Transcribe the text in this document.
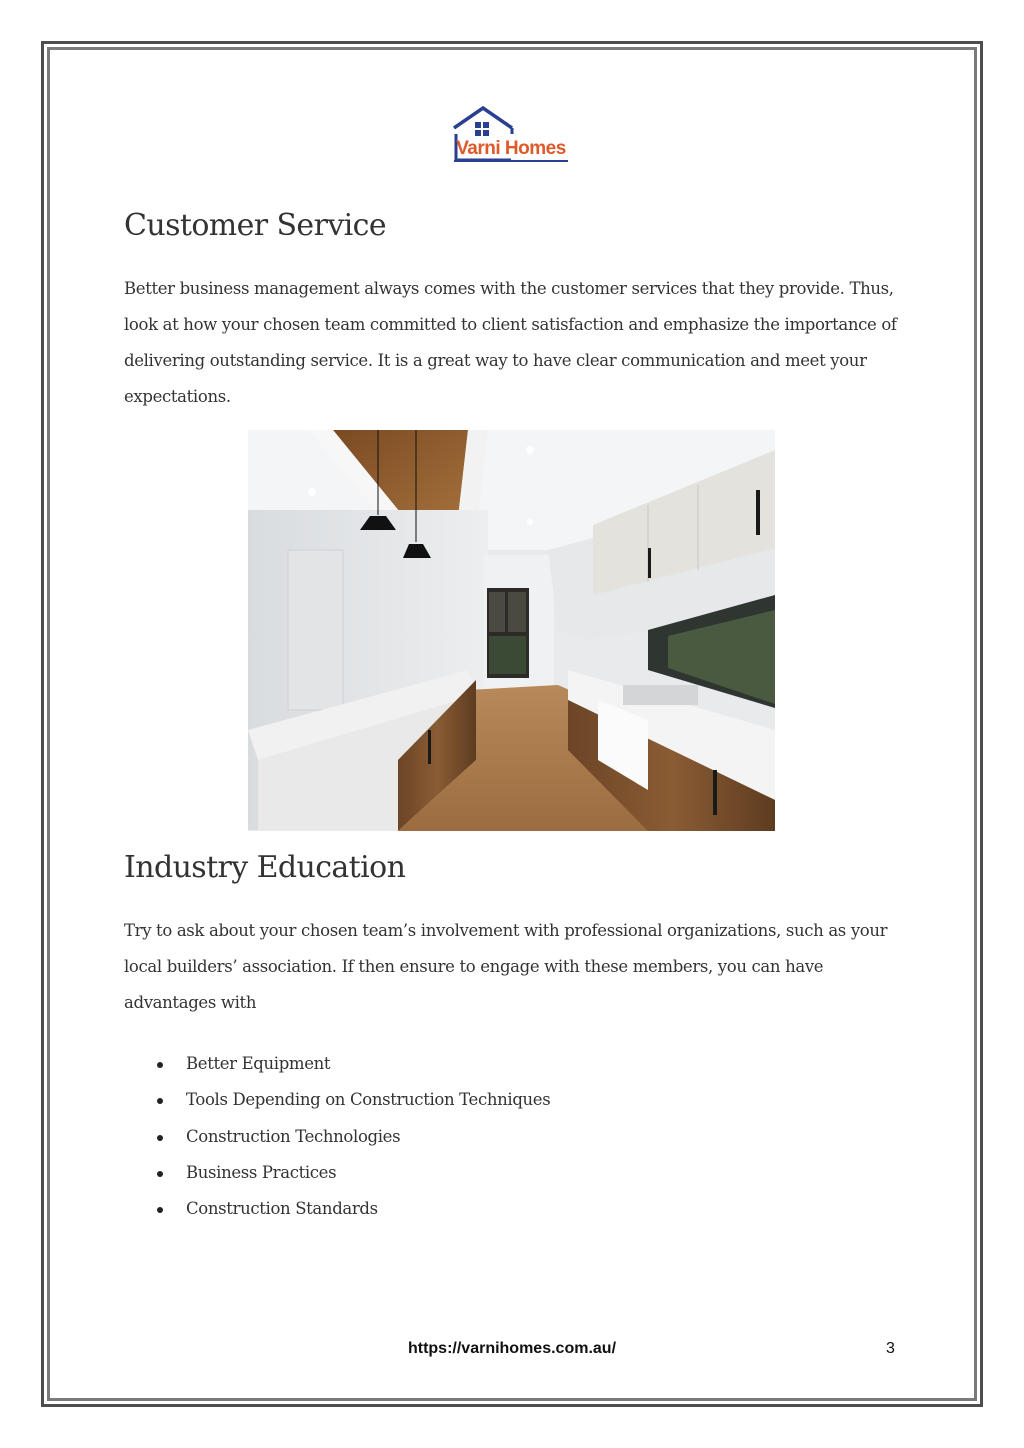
Varni Homes
Customer Service

Better business management always comes with the customer services that they provide. Thus, look at how your chosen team committed to client satisfaction and emphasize the importance of delivering outstanding service. It is a great way to have clear communication and meet your expectations.

Industry Education

Try to ask about your chosen team’s involvement with professional organizations, such as your local builders’ association. If then ensure to engage with these members, you can have advantages with

Better Equipment
Tools Depending on Construction Techniques
Construction Technologies
Business Practices
Construction Standards
https://varnihomes.com.au/	3
